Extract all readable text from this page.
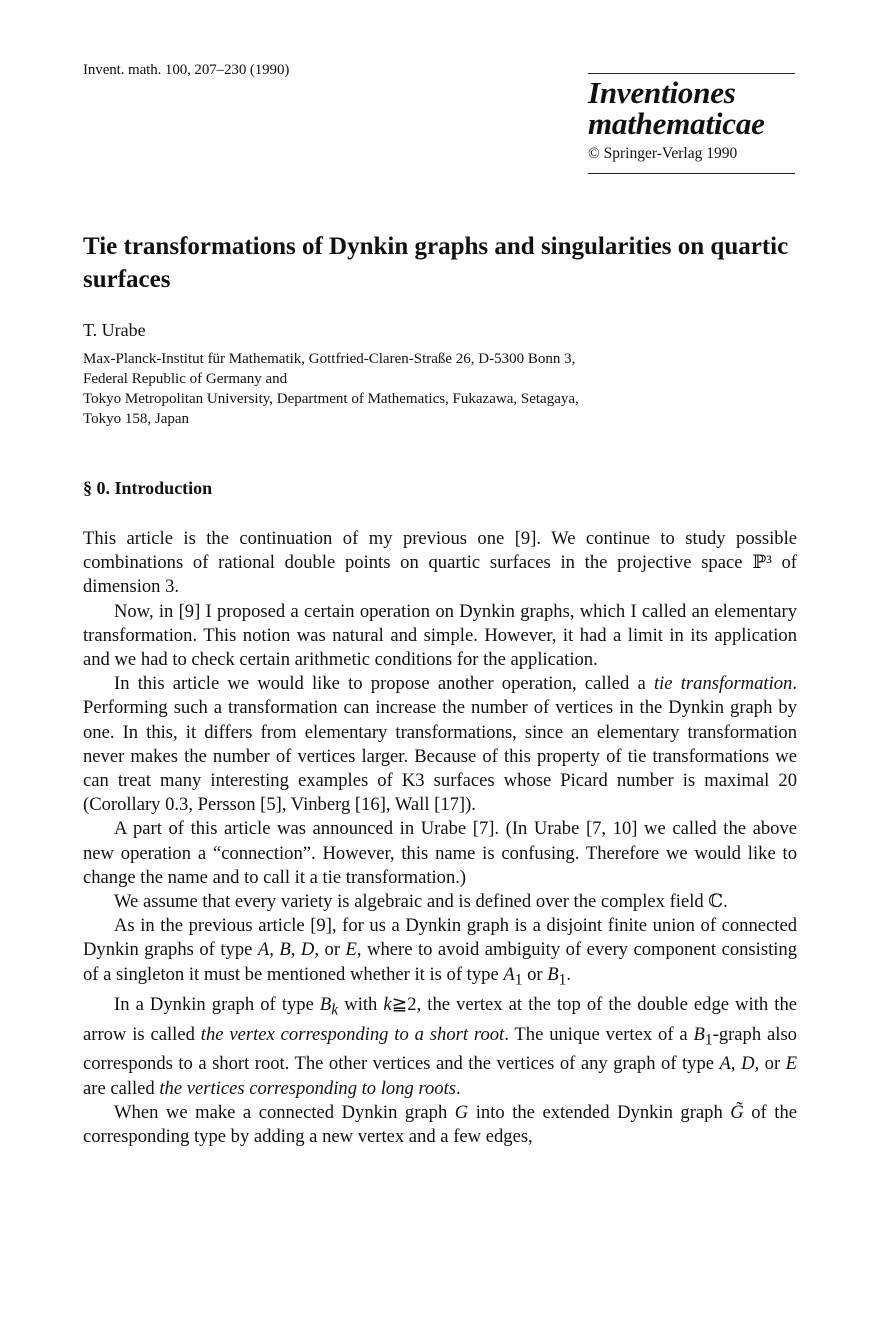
Invent. math. 100, 207–230 (1990)
Inventiones
mathematicae
© Springer-Verlag 1990
Tie transformations of Dynkin graphs and singularities on quartic surfaces
T. Urabe
Max-Planck-Institut für Mathematik, Gottfried-Claren-Straße 26, D-5300 Bonn 3,
Federal Republic of Germany and
Tokyo Metropolitan University, Department of Mathematics, Fukazawa, Setagaya,
Tokyo 158, Japan
§ 0. Introduction

This article is the continuation of my previous one [9]. We continue to study possible combinations of rational double points on quartic surfaces in the projective space ℙ³ of dimension 3.

Now, in [9] I proposed a certain operation on Dynkin graphs, which I called an elementary transformation. This notion was natural and simple. However, it had a limit in its application and we had to check certain arithmetic conditions for the application.

In this article we would like to propose another operation, called a tie transformation. Performing such a transformation can increase the number of vertices in the Dynkin graph by one. In this, it differs from elementary transformations, since an elementary transformation never makes the number of vertices larger. Because of this property of tie transformations we can treat many interesting examples of K3 surfaces whose Picard number is maximal 20 (Corollary 0.3, Persson [5], Vinberg [16], Wall [17]).

A part of this article was announced in Urabe [7]. (In Urabe [7, 10] we called the above new operation a “connection”. However, this name is confusing. Therefore we would like to change the name and to call it a tie transformation.)

We assume that every variety is algebraic and is defined over the complex field ℂ.

As in the previous article [9], for us a Dynkin graph is a disjoint finite union of connected Dynkin graphs of type A, B, D, or E, where to avoid ambiguity of every component consisting of a singleton it must be mentioned whether it is of type $A_1$ or $B_1$.

In a Dynkin graph of type $B_k$ with k≧2, the vertex at the top of the double edge with the arrow is called the vertex corresponding to a short root. The unique vertex of a $B_1$-graph also corresponds to a short root. The other vertices and the vertices of any graph of type A, D, or E are called the vertices corresponding to long roots.

When we make a connected Dynkin graph G into the extended Dynkin graph G̃ of the corresponding type by adding a new vertex and a few edges,
